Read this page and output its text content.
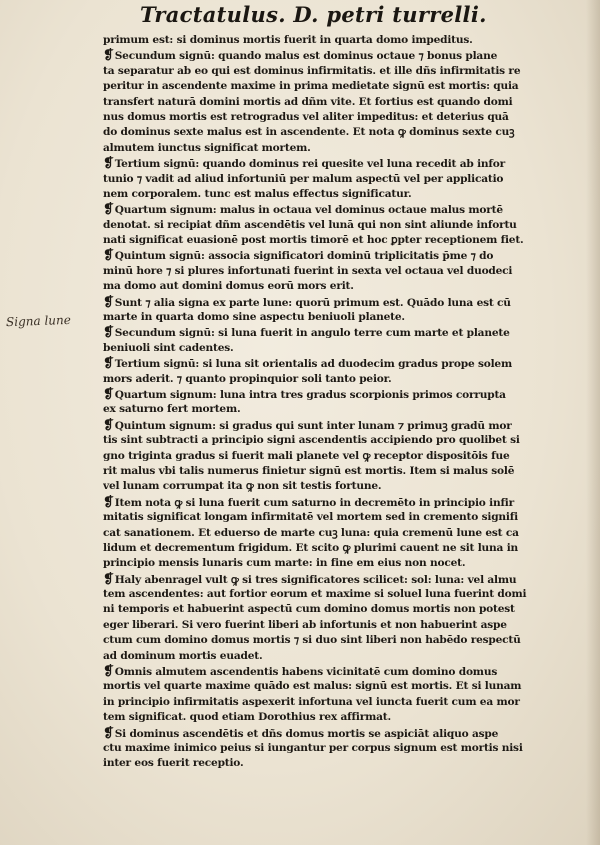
Tractatulus. D. petri turrelli.
Signa lune
primum est: si dominus mortis fuerit in quarta domo impeditus.
❡Secundum signū: quando malus est dominus octaue ⁊ bonus plane
ta separatur ab eo qui est dominus infirmitatis. et ille dñs infirmitatis re
peritur in ascendente maxime in prima medietate signū est mortis: quia
transfert naturā domini mortis ad dñm vite. Et fortius est quando domi
nus domus mortis est retrogradus vel aliter impeditus: et deterius quā
do dominus sexte malus est in ascendente. Et nota ꝙ dominus sexte cuꝫ
almutem iunctus significat mortem.
❡Tertium signū: quando dominus rei quesite vel luna recedit ab infor
tunio ⁊ vadit ad aliud infortuniū per malum aspectū vel per applicatio
nem corporalem. tunc est malus effectus significatur.
❡Quartum signum: malus in octaua vel dominus octaue malus mortē
denotat. si recipiat dñm ascendētis vel lunā qui non sint aliunde infortu
nati significat euasionē post mortis timorē et hoc ꝑpter receptionem fiet.
❡Quintum signū: associa significatori dominū triplicitatis p̄me ⁊ do
minū hore ⁊ si plures infortunati fuerint in sexta vel octaua vel duodeci
ma domo aut domini domus eorū mors erit.
❡Sunt ⁊ alia signa ex parte lune: quorū primum est. Quādo luna est cū
marte in quarta domo sine aspectu beniuoli planete.
❡Secundum signū: si luna fuerit in angulo terre cum marte et planete
beniuoli sint cadentes.
❡Tertium signū: si luna sit orientalis ad duodecim gradus prope solem
mors aderit. ⁊ quanto propinquior soli tanto peior.
❡Quartum signum: luna intra tres gradus scorpionis primos corrupta
ex saturno fert mortem.
❡Quintum signum: si gradus qui sunt inter lunam ⁊ primuꝫ gradū mor
tis sint subtracti a principio signi ascendentis accipiendo pro quolibet si
gno triginta gradus si fuerit mali planete vel ꝙ receptor dispositōis fue
rit malus vbi talis numerus finietur signū est mortis. Item si malus solē
vel lunam corrumpat ita ꝙ non sit testis fortune.
❡Item nota ꝙ si luna fuerit cum saturno in decremēto in principio infir
mitatis significat longam infirmitatē vel mortem sed in cremento signifi
cat sanationem. Et eduerso de marte cuꝫ luna: quia cremenū lune est ca
lidum et decrementum frigidum. Et scito ꝙ plurimi cauent ne sit luna in
principio mensis lunaris cum marte: in fine em eius non nocet.
❡Haly abenragel vult ꝙ si tres significatores scilicet: sol: luna: vel almu
tem ascendentes: aut fortior eorum et maxime si soluel luna fuerint domi
ni temporis et habuerint aspectū cum domino domus mortis non potest
eger liberari. Si vero fuerint liberi ab infortunis et non habuerint aspe
ctum cum domino domus mortis ⁊ si duo sint liberi non habēdo respectū
ad dominum mortis euadet.
❡Omnis almutem ascendentis habens vicinitatē cum domino domus
mortis vel quarte maxime quādo est malus: signū est mortis. Et si lunam
in principio infirmitatis aspexerit infortuna vel iuncta fuerit cum ea mor
tem significat. quod etiam Dorothius rex affirmat.
❡Si dominus ascendētis et dñs domus mortis se aspiciāt aliquo aspe
ctu maxime inimico peius si iungantur per corpus signum est mortis nisi
inter eos fuerit receptio.
